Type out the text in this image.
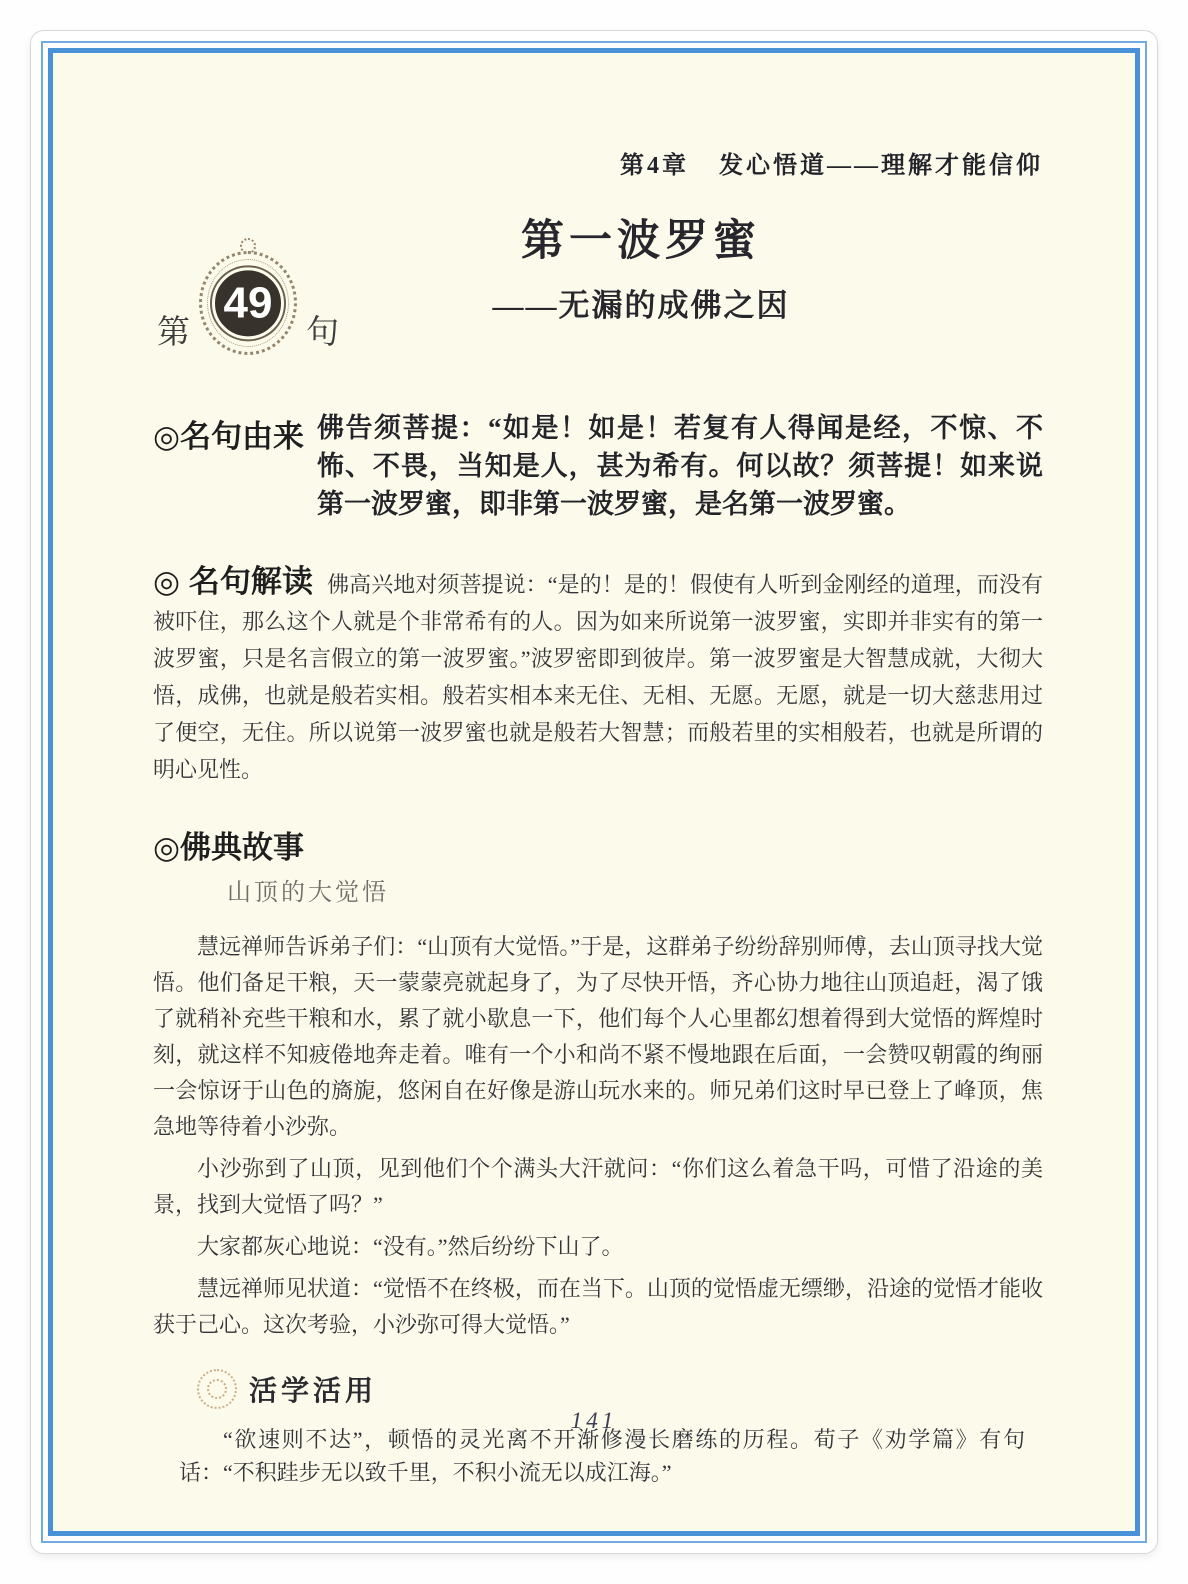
第4章 发心悟道——理解才能信仰
第
49
句
第一波罗蜜
——无漏的成佛之因
◎名句由来 佛告须菩提：“如是！如是！若复有人得闻是经，不惊、不怖、不畏，当知是人，甚为希有。何以故？须菩提！如来说第一波罗蜜，即非第一波罗蜜，是名第一波罗蜜。
◎ 名句解读 佛高兴地对须菩提说：“是的！是的！假使有人听到金刚经的道理，而没有被吓住，那么这个人就是个非常希有的人。因为如来所说第一波罗蜜，实即并非实有的第一波罗蜜，只是名言假立的第一波罗蜜。”波罗密即到彼岸。第一波罗蜜是大智慧成就，大彻大悟，成佛，也就是般若实相。般若实相本来无住、无相、无愿。无愿，就是一切大慈悲用过了便空，无住。所以说第一波罗蜜也就是般若大智慧；而般若里的实相般若，也就是所谓的明心见性。
◎佛典故事
山顶的大觉悟

慧远禅师告诉弟子们：“山顶有大觉悟。”于是，这群弟子纷纷辞别师傅，去山顶寻找大觉悟。他们备足干粮，天一蒙蒙亮就起身了，为了尽快开悟，齐心协力地往山顶追赶，渴了饿了就稍补充些干粮和水，累了就小歇息一下，他们每个人心里都幻想着得到大觉悟的辉煌时刻，就这样不知疲倦地奔走着。唯有一个小和尚不紧不慢地跟在后面，一会赞叹朝霞的绚丽一会惊讶于山色的旖旎，悠闲自在好像是游山玩水来的。师兄弟们这时早已登上了峰顶，焦急地等待着小沙弥。

小沙弥到了山顶，见到他们个个满头大汗就问：“你们这么着急干吗，可惜了沿途的美景，找到大觉悟了吗？”

大家都灰心地说：“没有。”然后纷纷下山了。

慧远禅师见状道：“觉悟不在终极，而在当下。山顶的觉悟虚无缥缈，沿途的觉悟才能收获于己心。这次考验，小沙弥可得大觉悟。”

活学活用
“欲速则不达”，顿悟的灵光离不开渐修漫长磨练的历程。荀子《劝学篇》有句话：“不积跬步无以致千里，不积小流无以成江海。”
141
